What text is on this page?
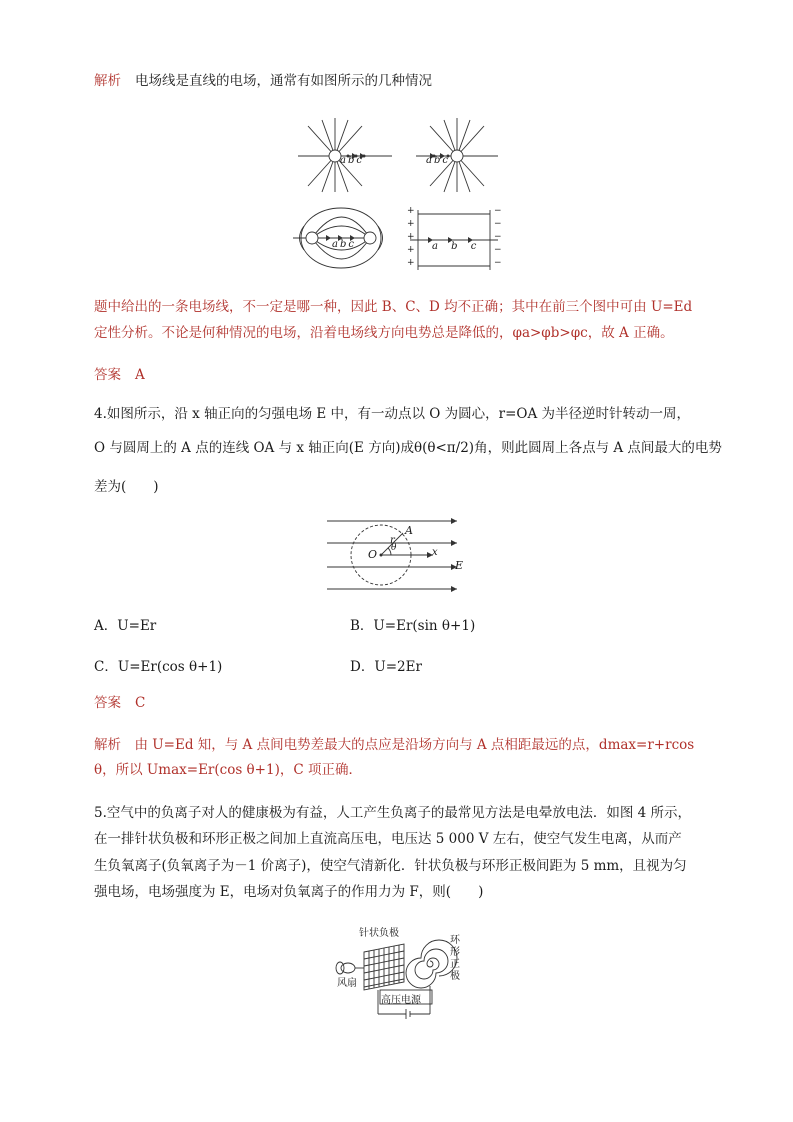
解析 电场线是直线的电场，通常有如图所示的几种情况
a  b  c	a  b  c
a  b  c	a b c
+
+
+
+
+
−
−
−
−
−
题中给出的一条电场线，不一定是哪一种，因此 B、C、D 均不正确；其中在前三个图中可由 U=Ed
定性分析。不论是何种情况的电场，沿着电场线方向电势总是降低的，φa>φb>φc，故 A 正确。
答案 A
4.如图所示，沿 x 轴正向的匀强电场 E 中，有一动点以 O 为圆心，r=OA 为半径逆时针转动一周，
O 与圆周上的 A 点的连线 OA 与 x 轴正向(E 方向)成θ(θ<π/2)角，则此圆周上各点与 A 点间最大的电势
差为(　　)
A
r
O θ	x
E
A．U=Er	B．U=Er(sin θ+1)
C．U=Er(cos θ+1)	D．U=2Er
答案 C
解析　由 U=Ed 知，与 A 点间电势差最大的点应是沿场方向与 A 点相距最远的点，dmax=r+rcos
θ，所以 Umax=Er(cos θ+1)，C 项正确．
5.空气中的负离子对人的健康极为有益，人工产生负离子的最常见方法是电晕放电法．如图 4 所示，
在一排针状负极和环形正极之间加上直流高压电，电压达 5 000 V 左右，使空气发生电离，从而产
生负氧离子(负氧离子为－1 价离子)，使空气清新化．针状负极与环形正极间距为 5 mm，且视为匀
强电场，电场强度为 E，电场对负氧离子的作用力为 F，则(　　)
针状负极
风扇
高压电源
环形正极
